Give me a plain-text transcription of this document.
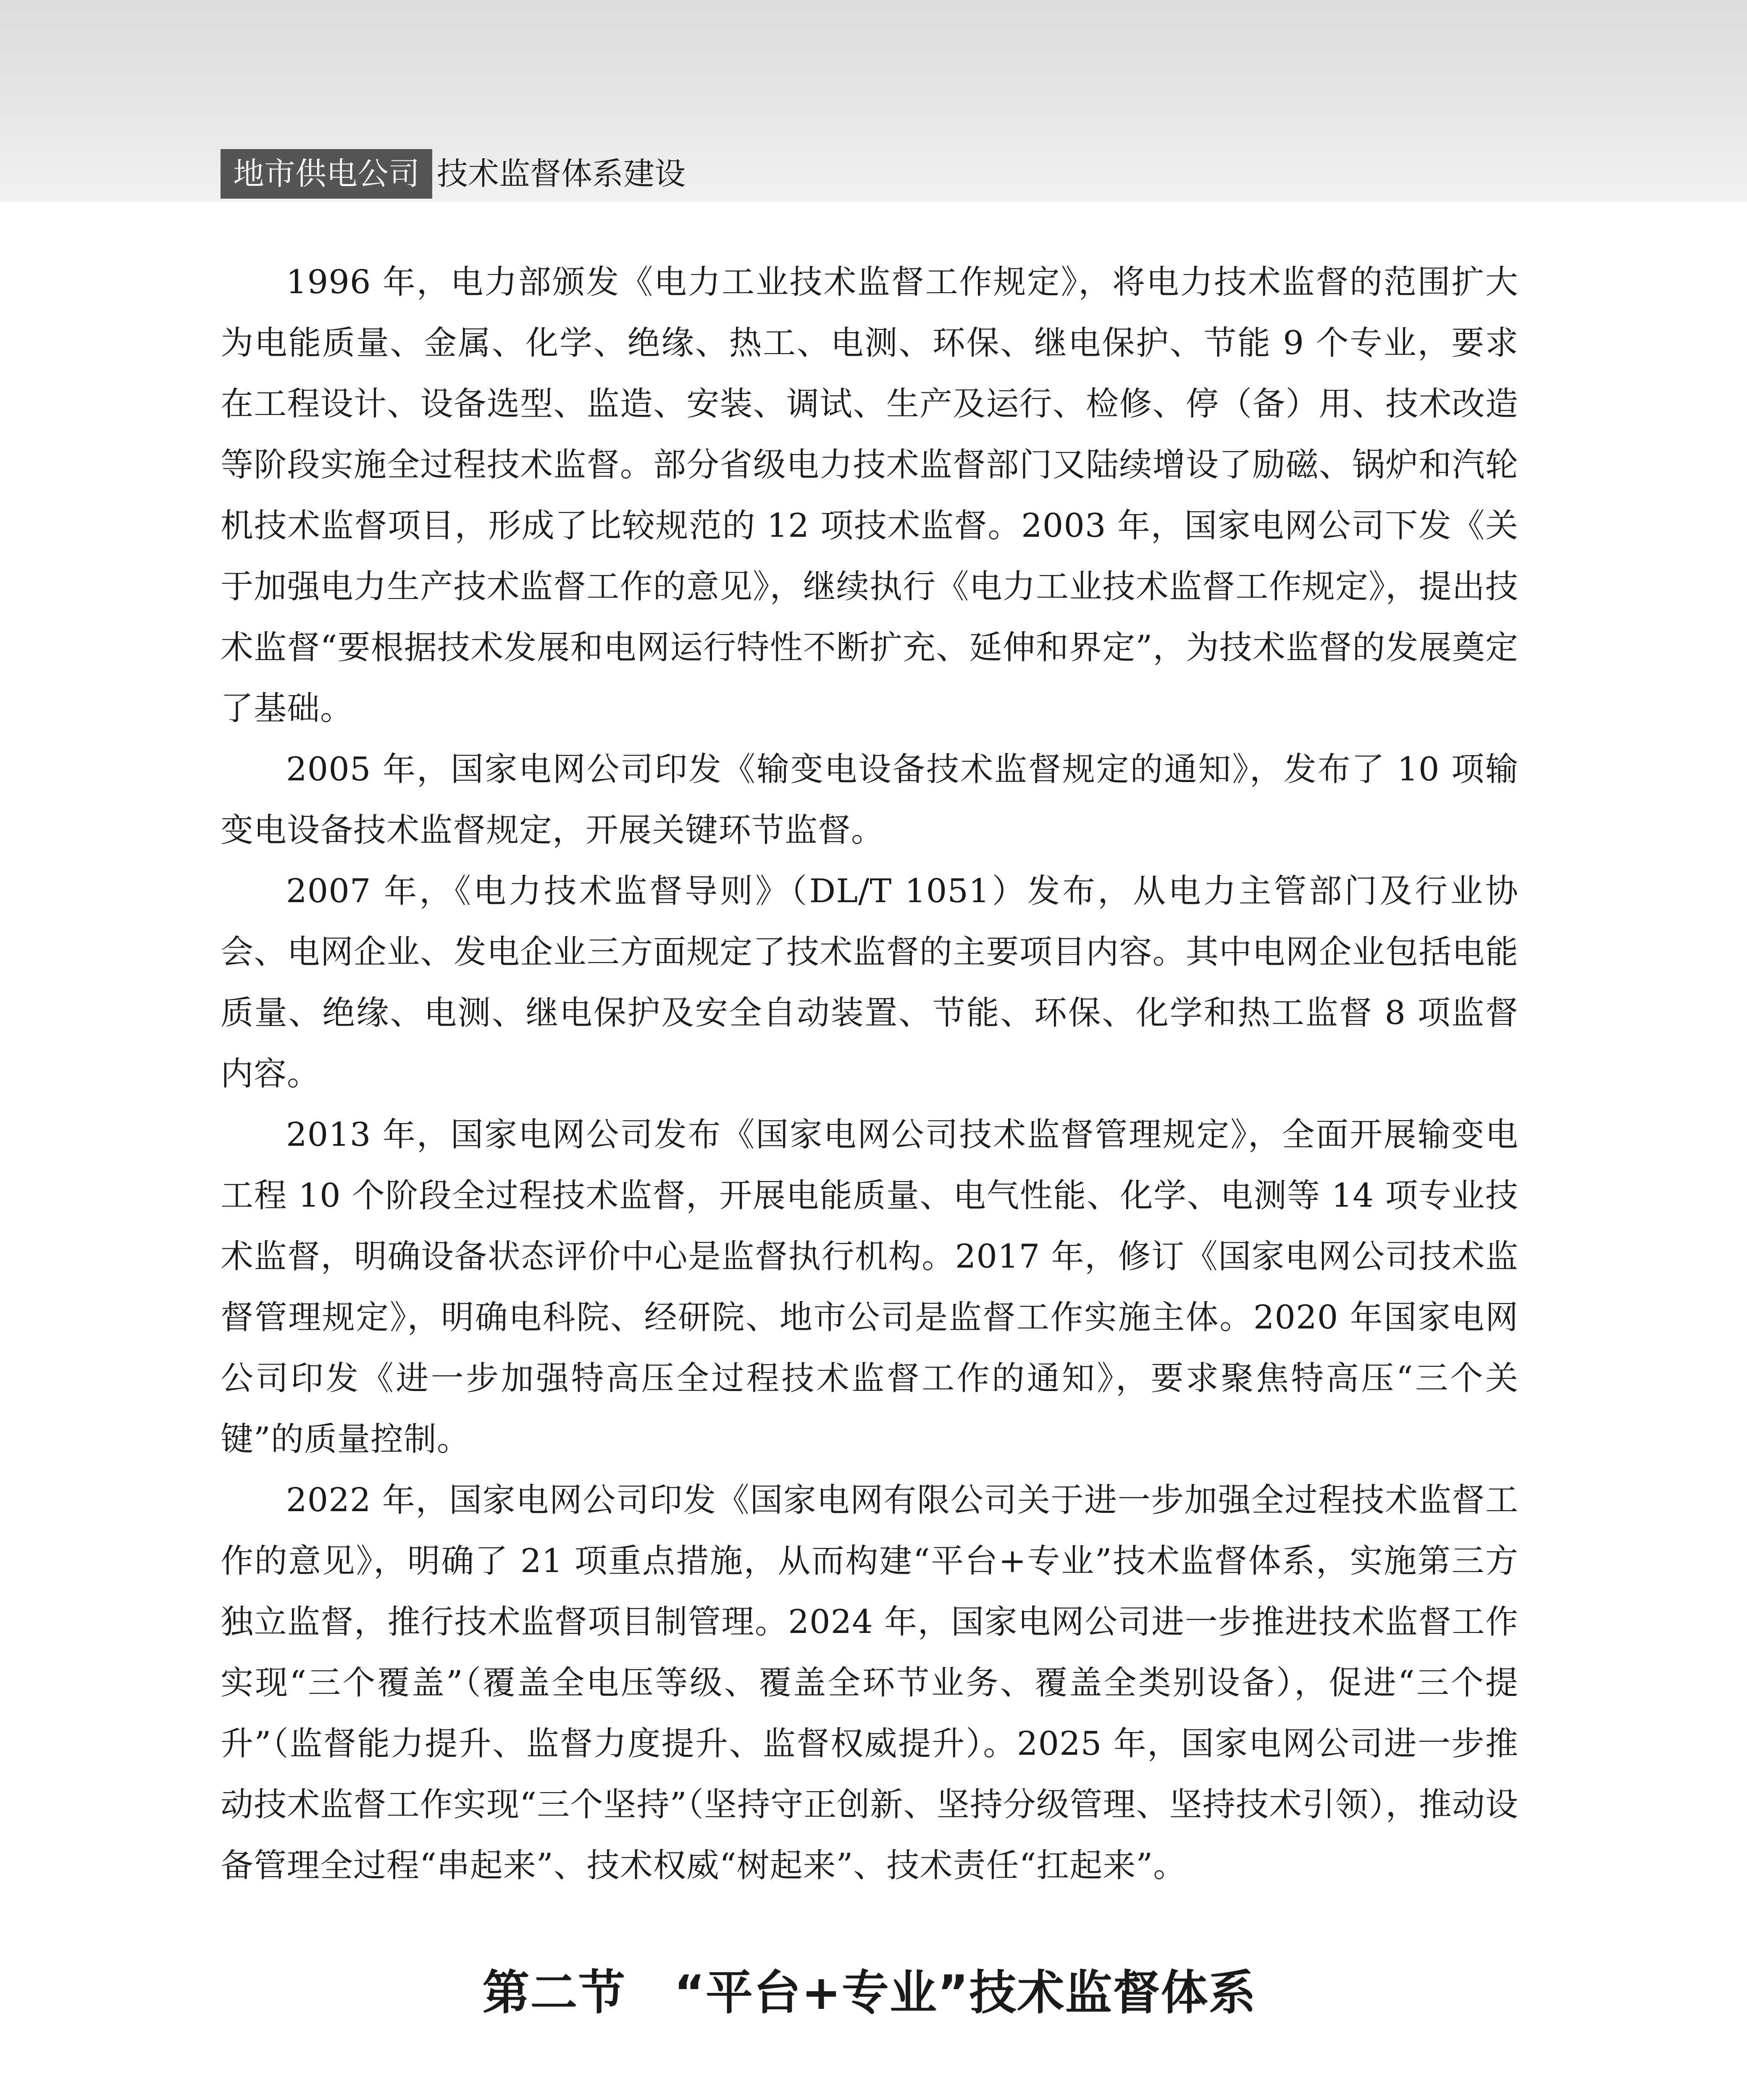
地市供电公司 技术监督体系建设

1996 年，电力部颁发《电力工业技术监督工作规定》，将电力技术监督的范围扩大为电能质量、金属、化学、绝缘、热工、电测、环保、继电保护、节能 9 个专业，要求在工程设计、设备选型、监造、安装、调试、生产及运行、检修、停（备）用、技术改造等阶段实施全过程技术监督。部分省级电力技术监督部门又陆续增设了励磁、锅炉和汽轮机技术监督项目，形成了比较规范的 12 项技术监督。2003 年，国家电网公司下发《关于加强电力生产技术监督工作的意见》，继续执行《电力工业技术监督工作规定》，提出技术监督“要根据技术发展和电网运行特性不断扩充、延伸和界定”，为技术监督的发展奠定了基础。

2005 年，国家电网公司印发《输变电设备技术监督规定的通知》，发布了 10 项输变电设备技术监督规定，开展关键环节监督。

2007 年，《电力技术监督导则》（DL/T 1051）发布，从电力主管部门及行业协会、电网企业、发电企业三方面规定了技术监督的主要项目内容。其中电网企业包括电能质量、绝缘、电测、继电保护及安全自动装置、节能、环保、化学和热工监督 8 项监督内容。

2013 年，国家电网公司发布《国家电网公司技术监督管理规定》，全面开展输变电工程 10 个阶段全过程技术监督，开展电能质量、电气性能、化学、电测等 14 项专业技术监督，明确设备状态评价中心是监督执行机构。2017 年，修订《国家电网公司技术监督管理规定》，明确电科院、经研院、地市公司是监督工作实施主体。2020 年国家电网公司印发《进一步加强特高压全过程技术监督工作的通知》，要求聚焦特高压“三个关键”的质量控制。

2022 年，国家电网公司印发《国家电网有限公司关于进一步加强全过程技术监督工作的意见》，明确了 21 项重点措施，从而构建“平台+专业”技术监督体系，实施第三方独立监督，推行技术监督项目制管理。2024 年，国家电网公司进一步推进技术监督工作实现“三个覆盖”（覆盖全电压等级、覆盖全环节业务、覆盖全类别设备），促进“三个提升”（监督能力提升、监督力度提升、监督权威提升）。2025 年，国家电网公司进一步推动技术监督工作实现“三个坚持”（坚持守正创新、坚持分级管理、坚持技术引领），推动设备管理全过程“串起来”、技术权威“树起来”、技术责任“扛起来”。

第二节　“平台+专业”技术监督体系
